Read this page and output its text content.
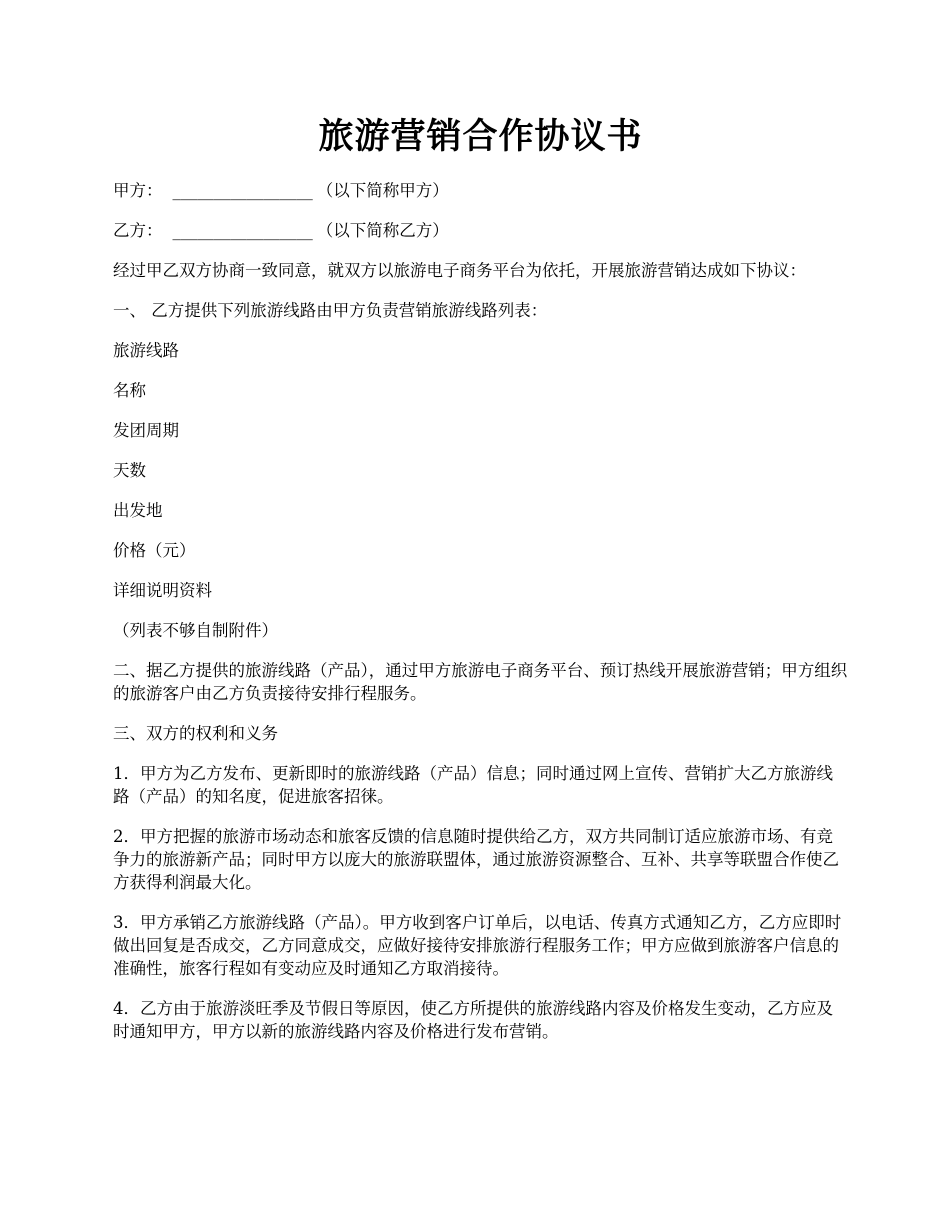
旅游营销合作协议书
甲方： _________________ （以下简称甲方）
乙方： _________________ （以下简称乙方）

经过甲乙双方协商一致同意，就双方以旅游电子商务平台为依托，开展旅游营销达成如下协议：

一、 乙方提供下列旅游线路由甲方负责营销旅游线路列表：

旅游线路

名称

发团周期

天数

出发地

价格（元）

详细说明资料

（列表不够自制附件）

二、据乙方提供的旅游线路（产品），通过甲方旅游电子商务平台、预订热线开展旅游营销；甲方组织的旅游客户由乙方负责接待安排行程服务。

三、双方的权利和义务

1．甲方为乙方发布、更新即时的旅游线路（产品）信息；同时通过网上宣传、营销扩大乙方旅游线路（产品）的知名度，促进旅客招徕。

2．甲方把握的旅游市场动态和旅客反馈的信息随时提供给乙方，双方共同制订适应旅游市场、有竞争力的旅游新产品；同时甲方以庞大的旅游联盟体，通过旅游资源整合、互补、共享等联盟合作使乙方获得利润最大化。

3．甲方承销乙方旅游线路（产品）。甲方收到客户订单后，以电话、传真方式通知乙方，乙方应即时做出回复是否成交，乙方同意成交，应做好接待安排旅游行程服务工作；甲方应做到旅游客户信息的准确性，旅客行程如有变动应及时通知乙方取消接待。

4．乙方由于旅游淡旺季及节假日等原因，使乙方所提供的旅游线路内容及价格发生变动，乙方应及时通知甲方，甲方以新的旅游线路内容及价格进行发布营销。
